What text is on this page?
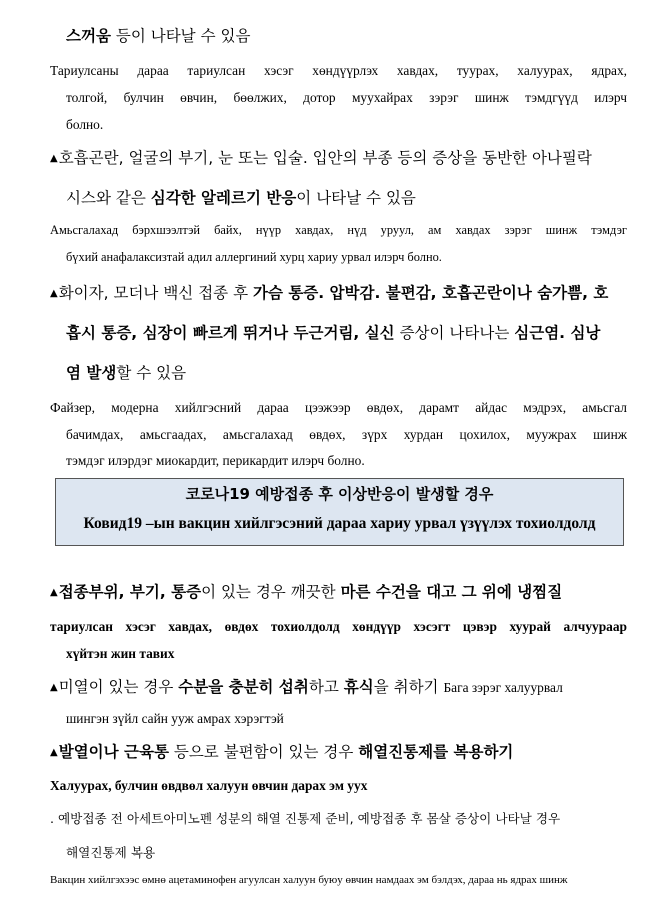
스꺼움 등이 나타날 수 있음
Тариулсаны дараа тариулсан хэсэг хөндүүрлэх хавдах, туурах, халуурах, ядрах,
толгой, булчин өвчин, бөөлжих, дотор муухайрах зэрэг шинж тэмдгүүд илэрч
болно.
▲호흡곤란, 얼굴의 부기, 눈 또는 입술. 입안의 부종 등의 증상을 동반한 아나필락
시스와 같은 심각한 알레르기 반응이 나타날 수 있음
Амьсгалахад бэрхшээлтэй байх, нүүр хавдах, нүд уруул, ам хавдах зэрэг шинж тэмдэг
бүхий анафалаксизтай адил аллергиний хурц хариу урвал илэрч болно.
▲화이자, 모더나 백신 접종 후 가슴 통증. 압박감. 불편감, 호흡곤란이나 숨가쁨, 호
흡시 통증, 심장이 빠르게 뛰거나 두근거림, 실신 증상이 나타나는 심근염. 심낭
염 발생할 수 있음
Файзер, модерна хийлгэсний дараа цээжээр өвдөх, дарамт айдас мэдрэх, амьсгал
бачимдах, амьсгаадах, амьсгалахад өвдөх, зүрх хурдан цохилох, муужрах шинж
тэмдэг илэрдэг миокардит, перикардит илэрч болно.
코로나19 예방접종 후 이상반응이 발생할 경우
Ковид19 –ын вакцин хийлгэсэний дараа хариу урвал үзүүлэх тохиолдолд
▲접종부위, 부기, 통증이 있는 경우 깨끗한 마른 수건을 대고 그 위에 냉찜질
тариулсан хэсэг хавдах, өвдөх тохиолдолд хөндүүр хэсэгт цэвэр хуурай алчуураар
хүйтэн жин тавих
▲미열이 있는 경우 수분을 충분히 섭취하고 휴식을 취하기 Бага зэрэг халуурвал
шингэн зүйл сайн ууж амрах хэрэгтэй
▲발열이나 근육통 등으로 불편함이 있는 경우 해열진통제를 복용하기
Халуурах, булчин өвдвөл халуун өвчин дарах эм уух
. 예방접종 전 아세트아미노펜 성분의 해열 진통제 준비, 예방접종 후 몸살 증상이 나타날 경우
해열진통제 복용
Вакцин хийлгэхээс өмнө ацетаминофен агуулсан халуун буюу өвчин намдаах эм бэлдэх, дараа нь ядрах шинж
